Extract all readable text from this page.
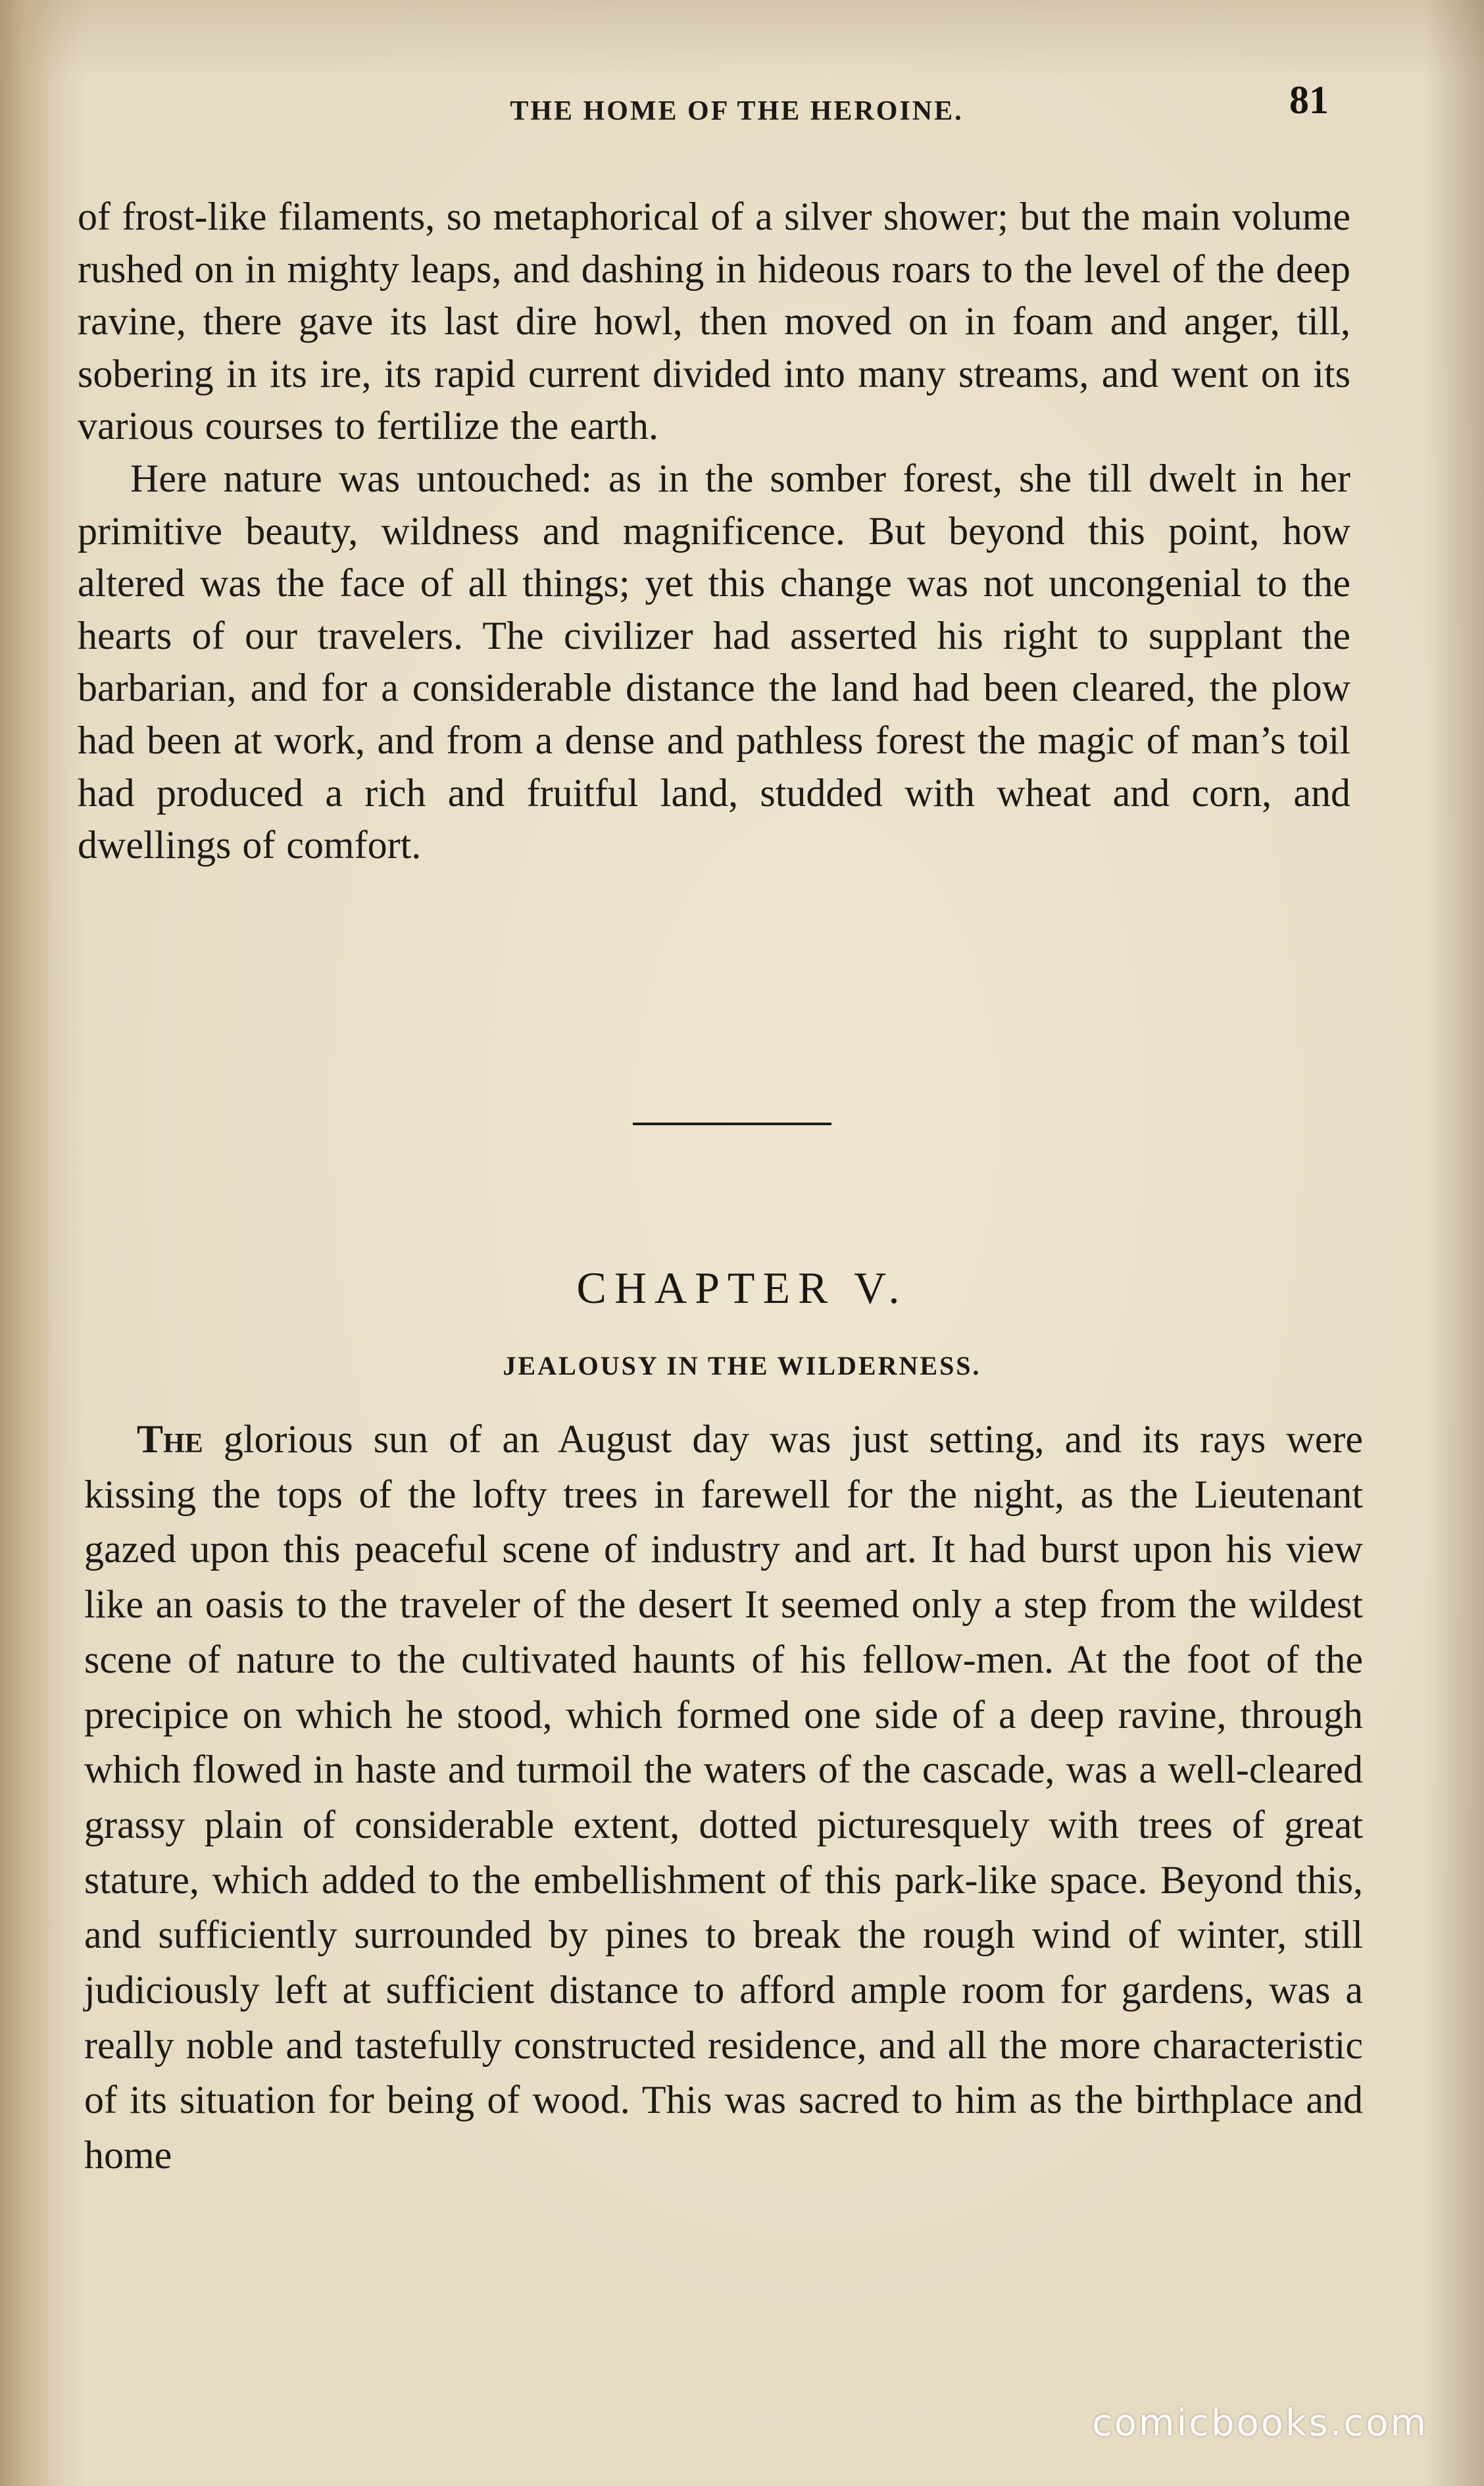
THE HOME OF THE HEROINE.	81

of frost-like filaments, so metaphorical of a silver shower; but the main volume rushed on in mighty leaps, and dashing in hideous roars to the level of the deep ravine, there gave its last dire howl, then moved on in foam and anger, till, sobering in its ire, its rapid current divided into many streams, and went on its various courses to fertilize the earth.

Here nature was untouched: as in the somber forest, she till dwelt in her primitive beauty, wildness and magnificence. But beyond this point, how altered was the face of all things; yet this change was not uncongenial to the hearts of our travelers. The civilizer had asserted his right to supplant the barbarian, and for a considerable distance the land had been cleared, the plow had been at work, and from a dense and pathless forest the magic of man’s toil had produced a rich and fruitful land, studded with wheat and corn, and dwellings of comfort.

CHAPTER V.
JEALOUSY IN THE WILDERNESS.

The glorious sun of an August day was just setting, and its rays were kissing the tops of the lofty trees in farewell for the night, as the Lieutenant gazed upon this peaceful scene of industry and art. It had burst upon his view like an oasis to the traveler of the desert It seemed only a step from the wildest scene of nature to the cultivated haunts of his fellow-men. At the foot of the precipice on which he stood, which formed one side of a deep ravine, through which flowed in haste and turmoil the waters of the cascade, was a well-cleared grassy plain of considerable extent, dotted picturesquely with trees of great stature, which added to the embellishment of this park-like space. Beyond this, and sufficiently surrounded by pines to break the rough wind of winter, still judiciously left at sufficient distance to afford ample room for gardens, was a really noble and tastefully constructed residence, and all the more characteristic of its situation for being of wood. This was sacred to him as the birthplace and home

comicbooks.com
